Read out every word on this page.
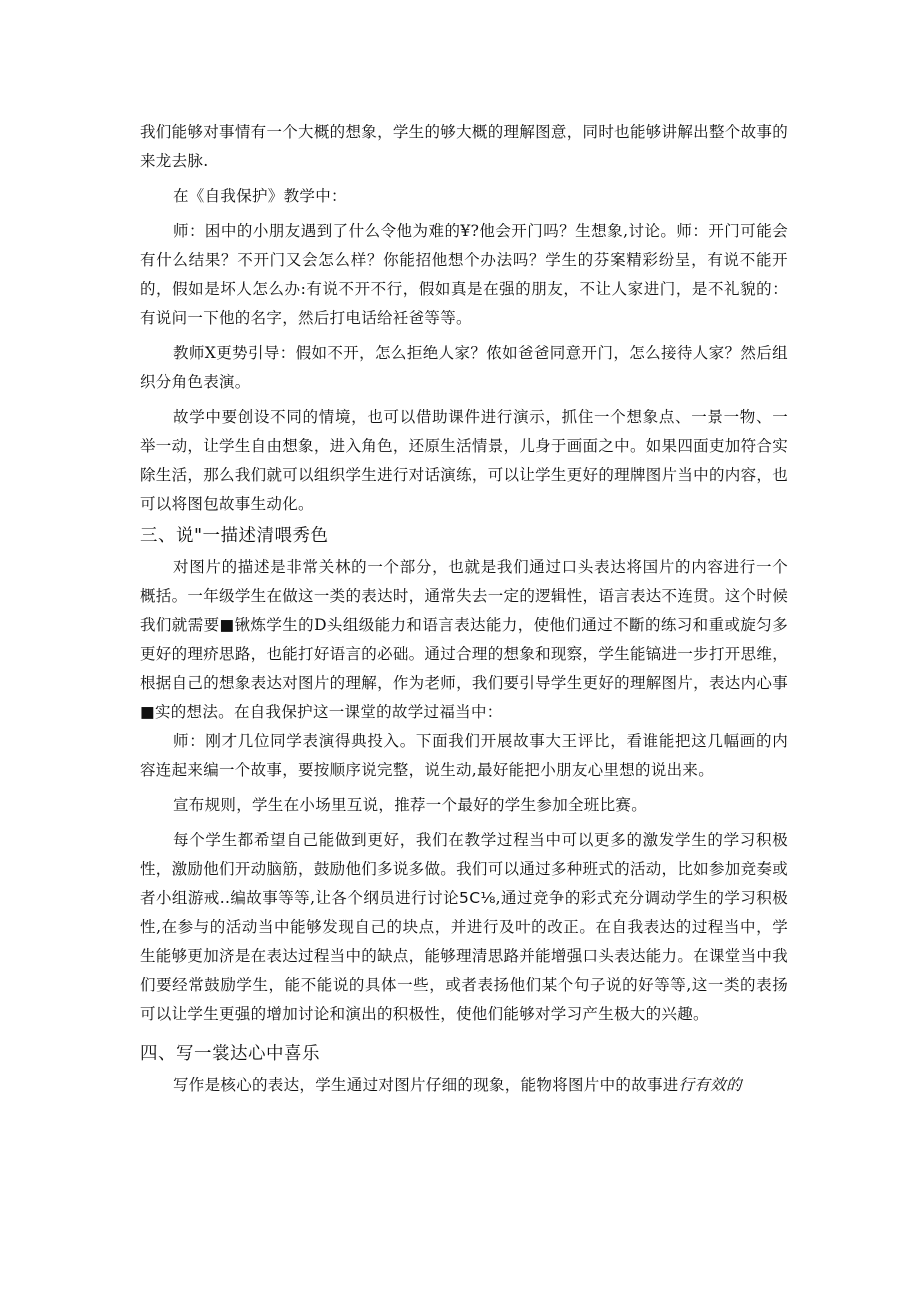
我们能够对事情有一个大概的想象，学生的够大概的理解图意，同时也能够讲解出整个故事的来龙去脉.

在《自我保护》教学中：

师：困中的小朋友遇到了什么令他为难的¥?他会开门吗？生想象,讨论。师：开门可能会有什么结果？不开门又会怎么样？你能招他想个办法吗？学生的芬案精彩纷呈，有说不能开的，假如是坏人怎么办:有说不开不行，假如真是在强的朋友，不让人家进门，是不礼貌的：有说问一下他的名字，然后打电话给衽爸等等。

教师X更势引导：假如不开，怎么拒绝人家？侬如爸爸同意开门，怎么接待人家？然后组织分角色表演。

故学中要创设不同的情境，也可以借助课件进行演示，抓住一个想象点、一景一物、一举一动，让学生自由想象，进入角色，还原生活情景，儿身于画面之中。如果四面吏加符合实除生活，那么我们就可以组织学生进行对话演练，可以让学生更好的理牌图片当中的内容，也可以将图包故事生动化。

三、说"一描述清喂秀色

对图片的描述是非常关林的一个部分，也就是我们通过口头表达将国片的内容进行一个概括。一年级学生在做这一类的表达时，通常失去一定的逻辑性，语言表达不连贯。这个时候我们就需要■锹炼学生的D头组级能力和语言表达能力，使他们通过不斷的练习和重或旋匀多更好的理疥思路，也能打好语言的必础。通过合理的想象和现察，学生能镐进一步打开思维，根据自己的想象表达对图片的理解，作为老师，我们要引导学生更好的理解图片，表达内心事■实的想法。在自我保护这一课堂的故学过福当中：

师：刚才几位同学表演得典投入。下面我们开展故事大王评比，看谁能把这几幅画的内容连起来编一个故事，要按顺序说完整，说生动,最好能把小朋友心里想的说出来。

宣布规则，学生在小场里互说，推荐一个最好的学生参加全班比赛。

每个学生都希望自己能做到更好，我们在教学过程当中可以更多的激发学生的学习积极性，激励他们开动脑筋，鼓励他们多说多做。我们可以通过多种班式的活动，比如参加竞奏或者小组游戒..编故事等等,让各个纲员进行讨论5C⅛,通过竞争的彩式充分调动学生的学习积极性,在参与的活动当中能够发现自己的块点，并进行及叶的改正。在自我表达的过程当中，学生能够更加济是在表达过程当中的缺点，能够理清思路并能增强口头表达能力。在课堂当中我们要经常鼓励学生，能不能说的具体一些，或者表扬他们某个句子说的好等等,这一类的表扬可以让学生更强的增加讨论和演出的积极性，使他们能够对学习产生极大的兴趣。

四、写一裳达心中喜乐

写作是核心的表达，学生通过对图片仔细的现象，能物将图片中的故事进行有效的
